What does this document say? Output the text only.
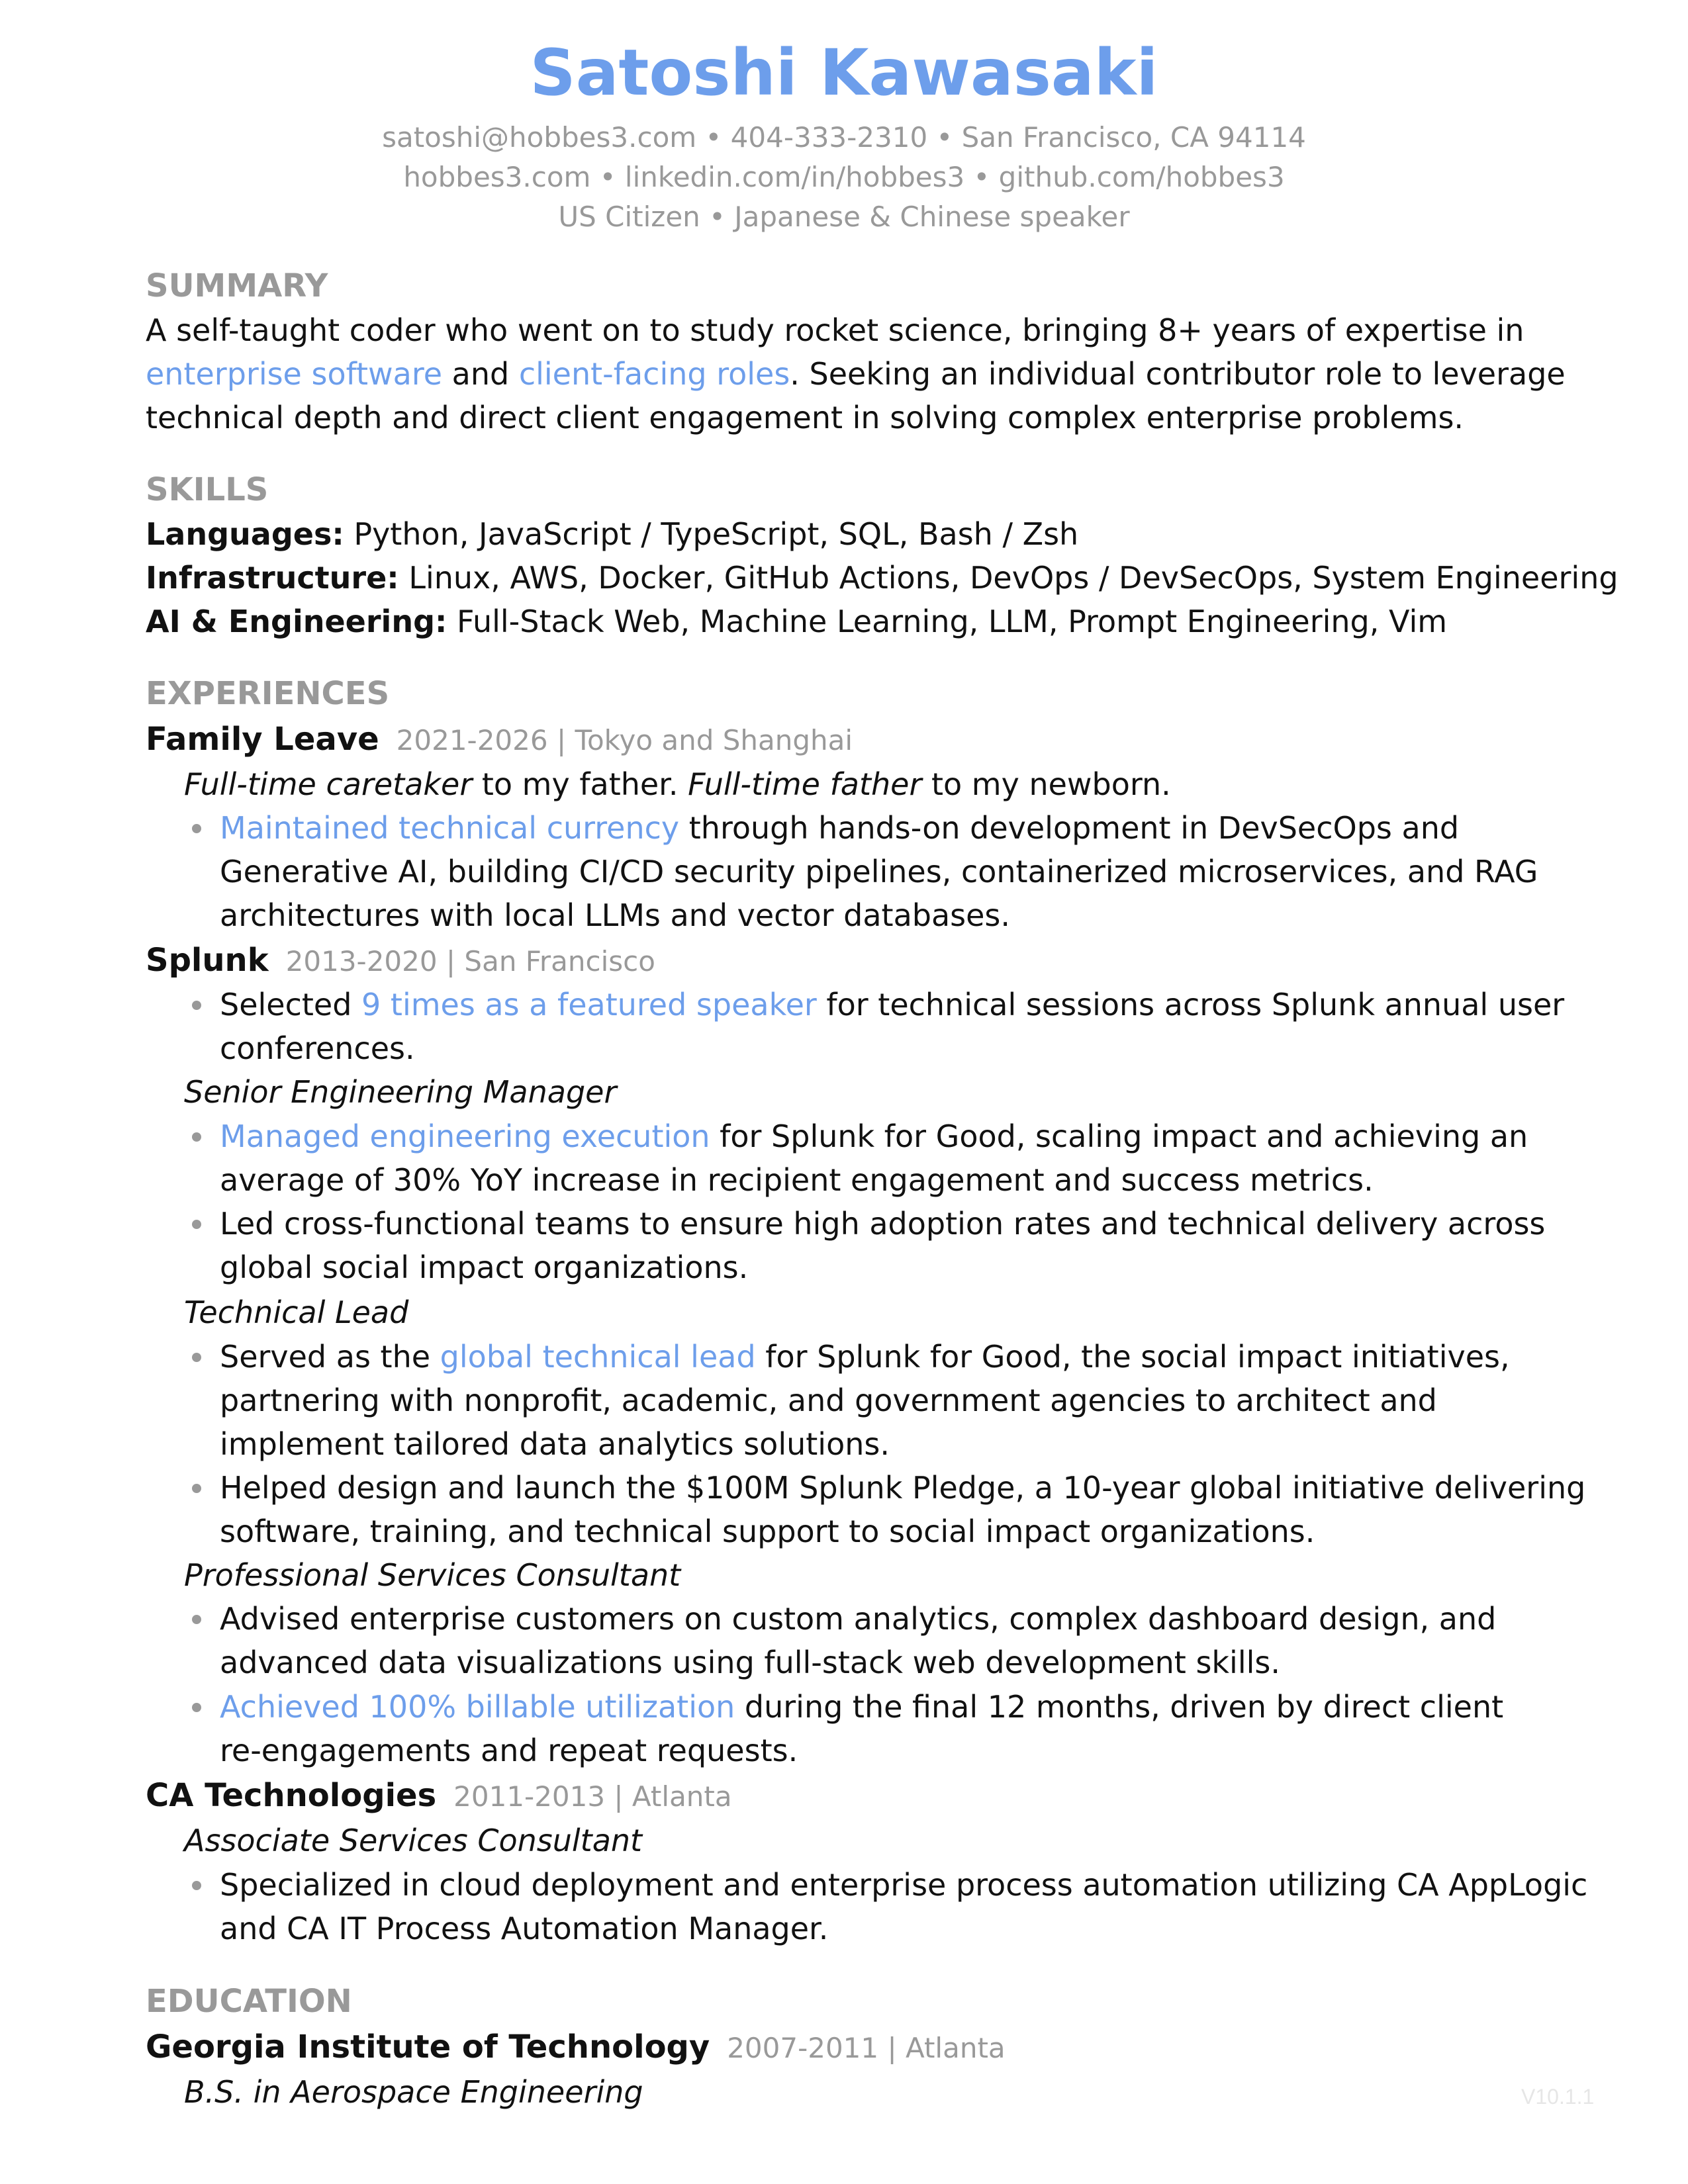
Satoshi Kawasaki
satoshi@hobbes3.com • 404-333-2310 • San Francisco, CA 94114
hobbes3.com • linkedin.com/in/hobbes3 • github.com/hobbes3
US Citizen • Japanese & Chinese speaker
SUMMARY
A self-taught coder who went on to study rocket science, bringing 8+ years of expertise in
enterprise software and client-facing roles. Seeking an individual contributor role to leverage
technical depth and direct client engagement in solving complex enterprise problems.
SKILLS
Languages: Python, JavaScript / TypeScript, SQL, Bash / Zsh
Infrastructure: Linux, AWS, Docker, GitHub Actions, DevOps / DevSecOps, System Engineering
AI & Engineering: Full-Stack Web, Machine Learning, LLM, Prompt Engineering, Vim
EXPERIENCES
Family Leave 2021-2026 | Tokyo and Shanghai
Full-time caretaker to my father. Full-time father to my newborn.
Maintained technical currency through hands-on development in DevSecOps and
Generative AI, building CI/CD security pipelines, containerized microservices, and RAG
architectures with local LLMs and vector databases.
Splunk 2013-2020 | San Francisco
Selected 9 times as a featured speaker for technical sessions across Splunk annual user
conferences.
Senior Engineering Manager
Managed engineering execution for Splunk for Good, scaling impact and achieving an
average of 30% YoY increase in recipient engagement and success metrics.
Led cross-functional teams to ensure high adoption rates and technical delivery across
global social impact organizations.
Technical Lead
Served as the global technical lead for Splunk for Good, the social impact initiatives,
partnering with nonprofit, academic, and government agencies to architect and
implement tailored data analytics solutions.
Helped design and launch the $100M Splunk Pledge, a 10-year global initiative delivering
software, training, and technical support to social impact organizations.
Professional Services Consultant
Advised enterprise customers on custom analytics, complex dashboard design, and
advanced data visualizations using full-stack web development skills.
Achieved 100% billable utilization during the final 12 months, driven by direct client
re-engagements and repeat requests.
CA Technologies 2011-2013 | Atlanta
Associate Services Consultant
Specialized in cloud deployment and enterprise process automation utilizing CA AppLogic
and CA IT Process Automation Manager.
EDUCATION
Georgia Institute of Technology 2007-2011 | Atlanta
B.S. in Aerospace Engineering	V10.1.1
